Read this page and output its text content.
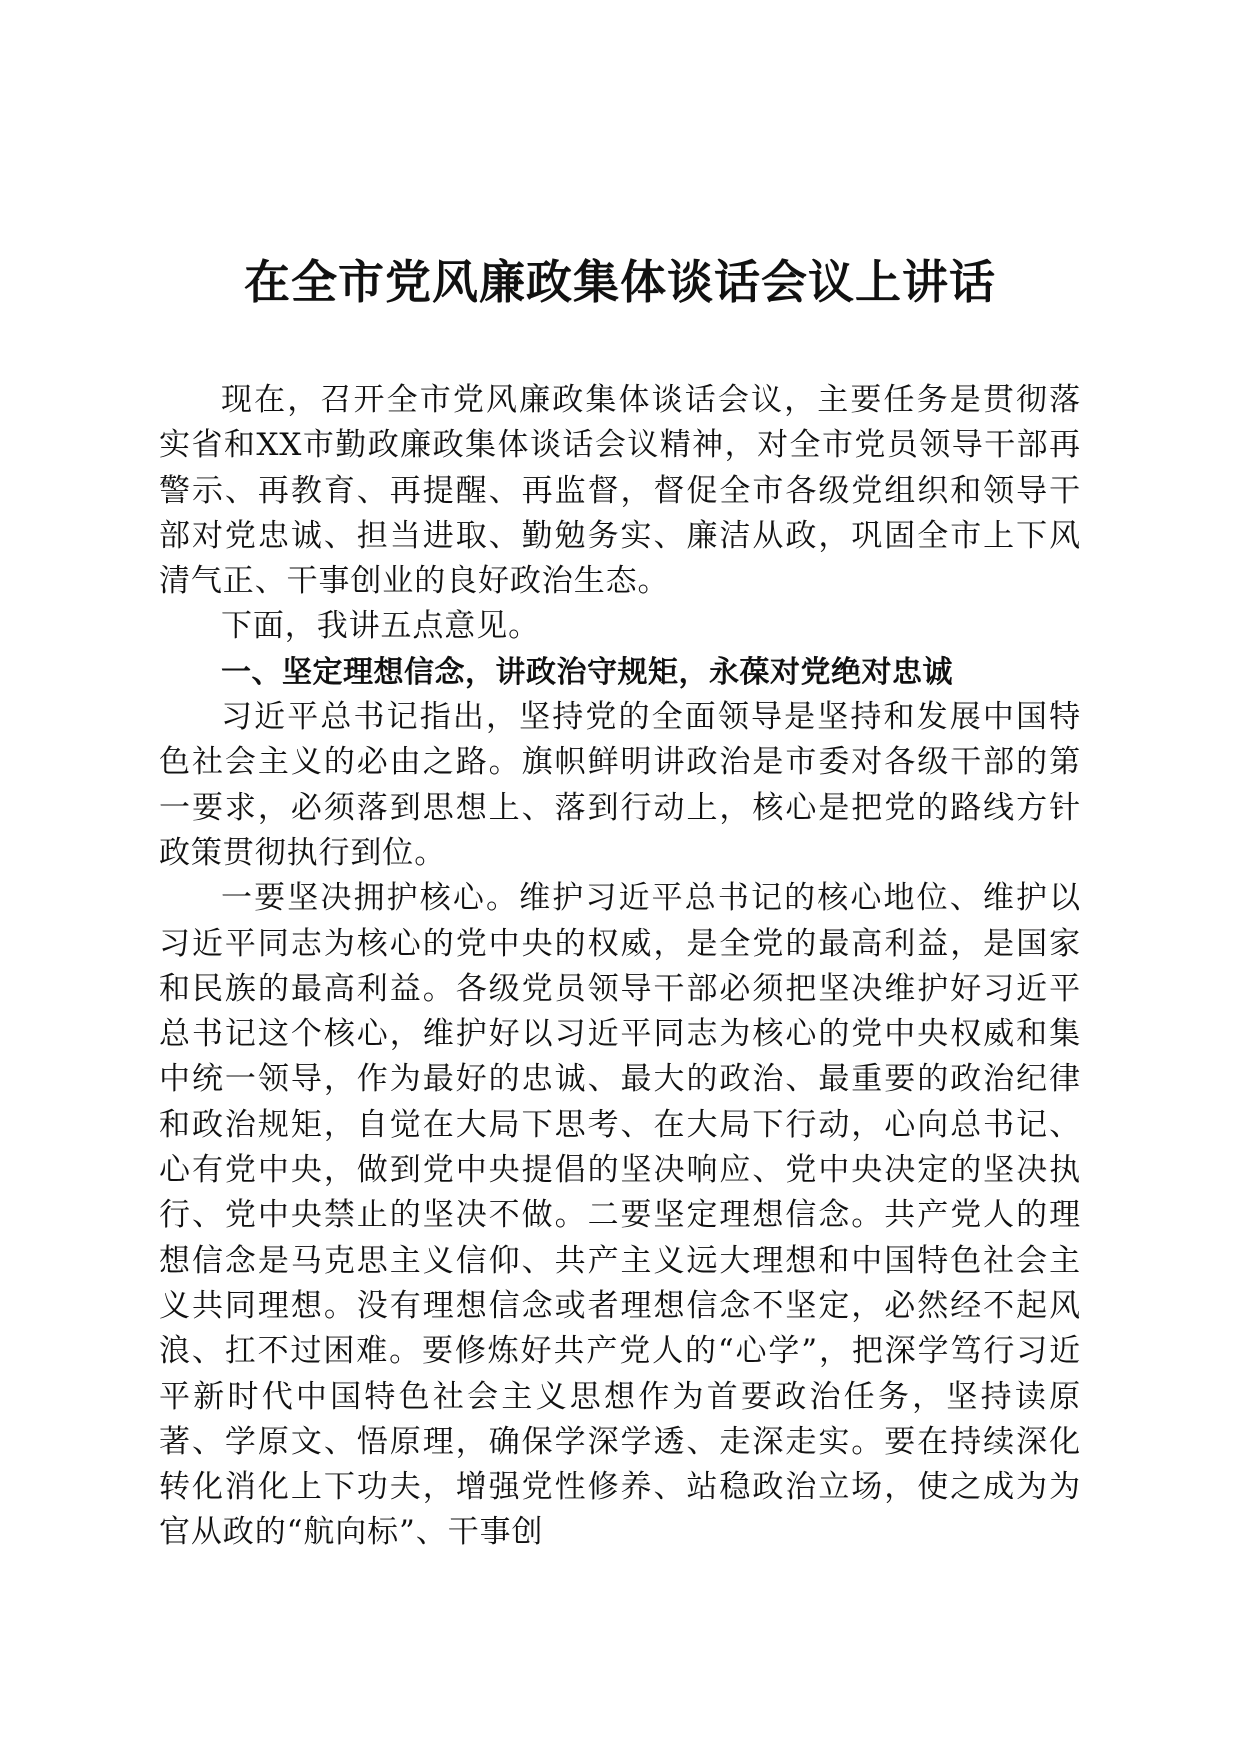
在全市党风廉政集体谈话会议上讲话

现在，召开全市党风廉政集体谈话会议，主要任务是贯彻落实省和XX市勤政廉政集体谈话会议精神，对全市党员领导干部再警示、再教育、再提醒、再监督，督促全市各级党组织和领导干部对党忠诚、担当进取、勤勉务实、廉洁从政，巩固全市上下风清气正、干事创业的良好政治生态。

下面，我讲五点意见。

一、坚定理想信念，讲政治守规矩，永葆对党绝对忠诚

习近平总书记指出，坚持党的全面领导是坚持和发展中国特色社会主义的必由之路。旗帜鲜明讲政治是市委对各级干部的第一要求，必须落到思想上、落到行动上，核心是把党的路线方针政策贯彻执行到位。

一要坚决拥护核心。维护习近平总书记的核心地位、维护以习近平同志为核心的党中央的权威，是全党的最高利益，是国家和民族的最高利益。各级党员领导干部必须把坚决维护好习近平总书记这个核心，维护好以习近平同志为核心的党中央权威和集中统一领导，作为最好的忠诚、最大的政治、最重要的政治纪律和政治规矩，自觉在大局下思考、在大局下行动，心向总书记、心有党中央，做到党中央提倡的坚决响应、党中央决定的坚决执行、党中央禁止的坚决不做。二要坚定理想信念。共产党人的理想信念是马克思主义信仰、共产主义远大理想和中国特色社会主义共同理想。没有理想信念或者理想信念不坚定，必然经不起风浪、扛不过困难。要修炼好共产党人的“心学”，把深学笃行习近平新时代中国特色社会主义思想作为首要政治任务，坚持读原著、学原文、悟原理，确保学深学透、走深走实。要在持续深化转化消化上下功夫，增强党性修养、站稳政治立场，使之成为为官从政的“航向标”、干事创
